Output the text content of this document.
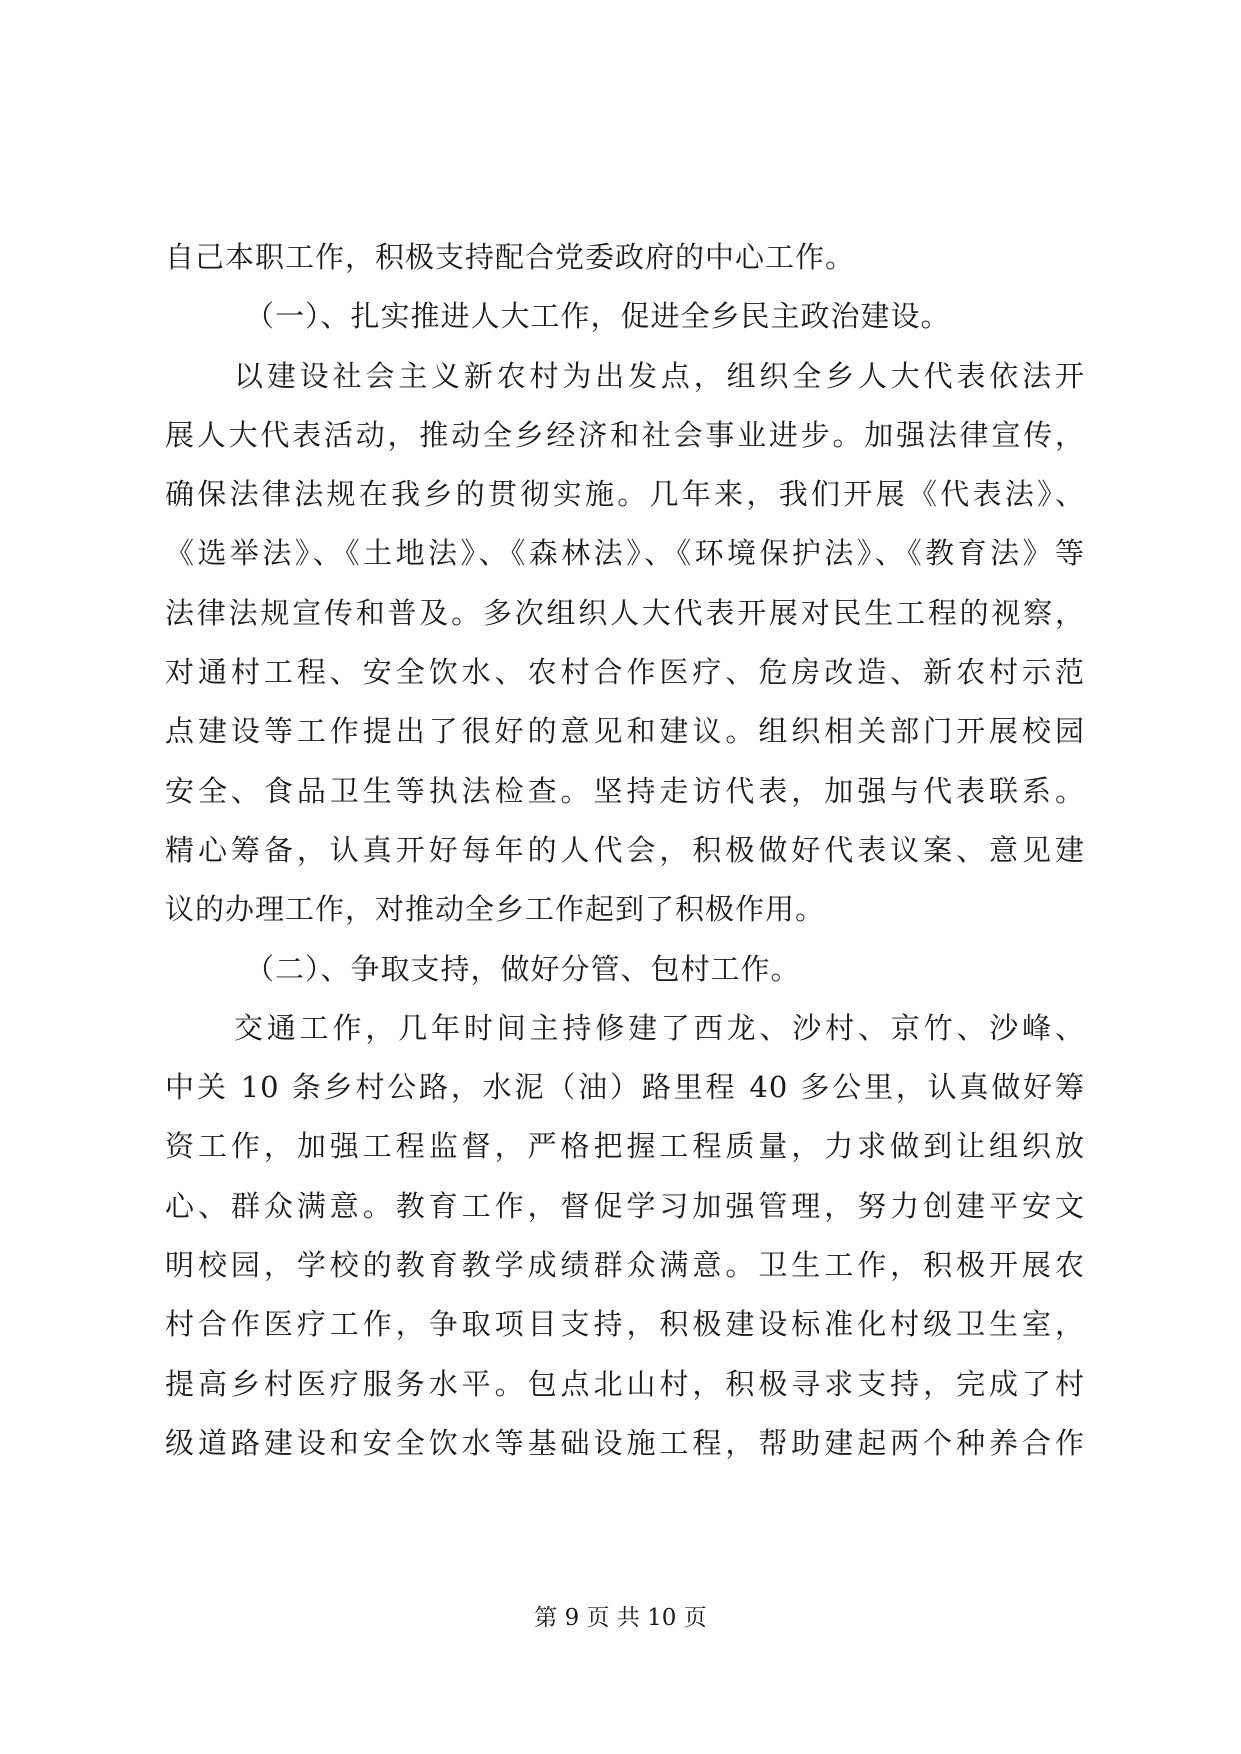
自己本职工作，积极支持配合党委政府的中心工作。
（一）、扎实推进人大工作，促进全乡民主政治建设。
以建设社会主义新农村为出发点，组织全乡人大代表依法开
展人大代表活动，推动全乡经济和社会事业进步。加强法律宣传，
确保法律法规在我乡的贯彻实施。几年来，我们开展《代表法》、
《选举法》、《土地法》、《森林法》、《环境保护法》、《教育法》等
法律法规宣传和普及。多次组织人大代表开展对民生工程的视察，
对通村工程、安全饮水、农村合作医疗、危房改造、新农村示范
点建设等工作提出了很好的意见和建议。组织相关部门开展校园
安全、食品卫生等执法检查。坚持走访代表，加强与代表联系。
精心筹备，认真开好每年的人代会，积极做好代表议案、意见建
议的办理工作，对推动全乡工作起到了积极作用。
（二）、争取支持，做好分管、包村工作。
交通工作，几年时间主持修建了西龙、沙村、京竹、沙峰、
中关 10 条乡村公路，水泥（油）路里程 40 多公里，认真做好筹
资工作，加强工程监督，严格把握工程质量，力求做到让组织放
心、群众满意。教育工作，督促学习加强管理，努力创建平安文
明校园，学校的教育教学成绩群众满意。卫生工作，积极开展农
村合作医疗工作，争取项目支持，积极建设标准化村级卫生室，
提高乡村医疗服务水平。包点北山村，积极寻求支持，完成了村
级道路建设和安全饮水等基础设施工程，帮助建起两个种养合作
第 9 页 共 10 页
